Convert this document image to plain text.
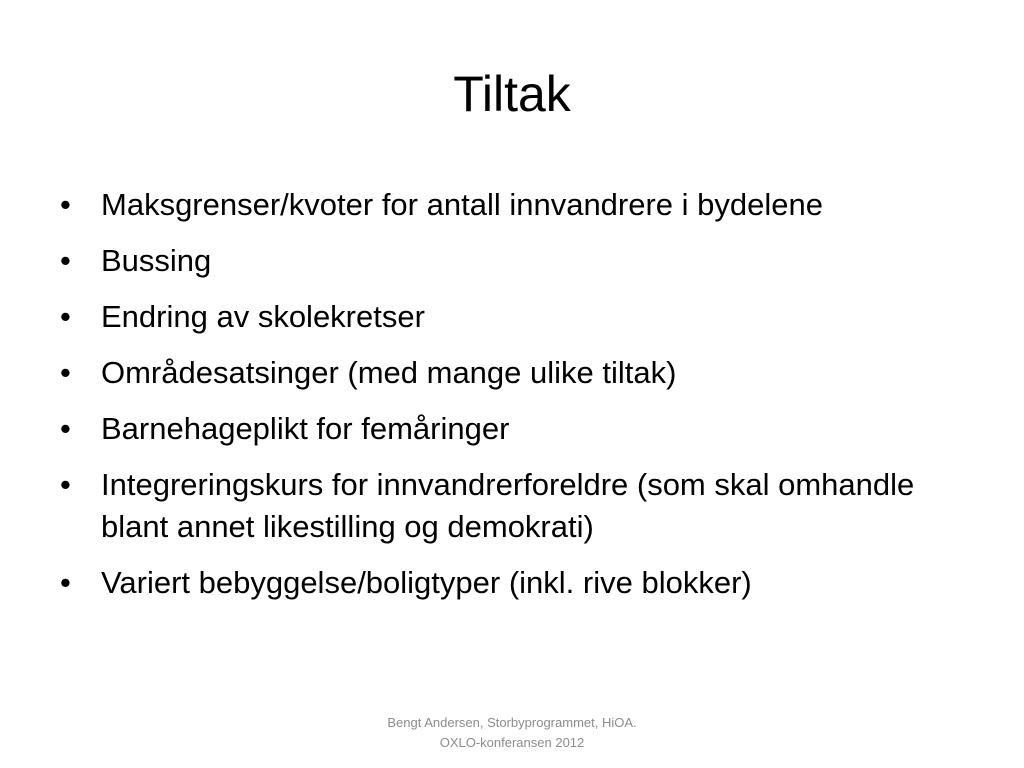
Tiltak
• Maksgrenser/kvoter for antall innvandrere i bydelene
• Bussing
• Endring av skolekretser
• Områdesatsinger (med mange ulike tiltak)
• Barnehageplikt for femåringer
• Integreringskurs for innvandrerforeldre (som skal omhandle blant annet likestilling og demokrati)
• Variert bebyggelse/boligtyper (inkl. rive blokker)
Bengt Andersen, Storbyprogrammet, HiOA.
OXLO-konferansen 2012
